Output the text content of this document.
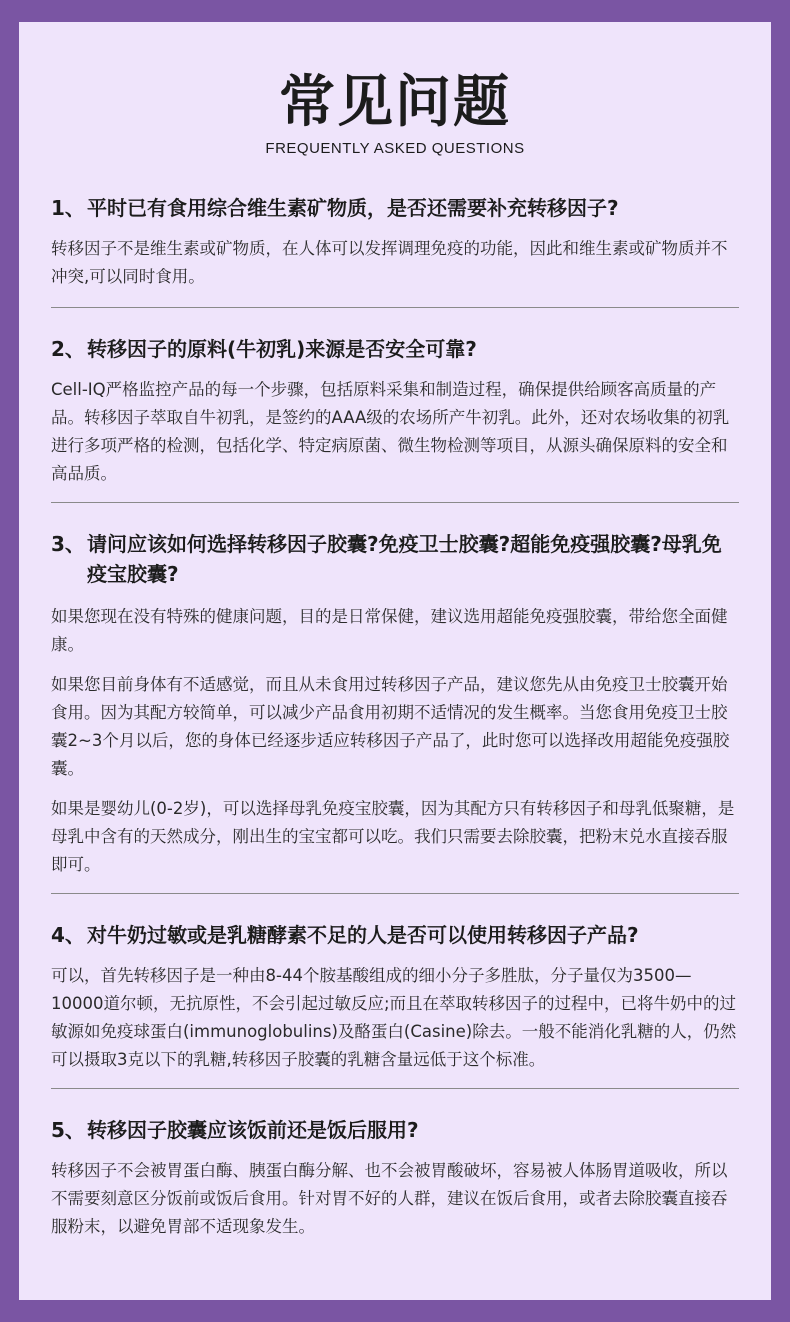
常见问题
FREQUENTLY ASKED QUESTIONS
1、 平时已有食用综合维生素矿物质，是否还需要补充转移因子?

转移因子不是维生素或矿物质，在人体可以发挥调理免疫的功能，因此和维生素或矿物质并不冲突,可以同时食用。

2、 转移因子的原料(牛初乳)来源是否安全可靠?

Cell-IQ严格监控产品的每一个步骤，包括原料采集和制造过程，确保提供给顾客高质量的产品。转移因子萃取自牛初乳，是签约的AAA级的农场所产牛初乳。此外，还对农场收集的初乳进行多项严格的检测，包括化学、特定病原菌、微生物检测等项目，从源头确保原料的安全和高品质。

3、 请问应该如何选择转移因子胶囊?免疫卫士胶囊?超能免疫强胶囊?母乳免疫宝胶囊?

如果您现在没有特殊的健康问题，目的是日常保健，建议选用超能免疫强胶囊，带给您全面健康。

如果您目前身体有不适感觉，而且从未食用过转移因子产品，建议您先从由免疫卫士胶囊开始食用。因为其配方较简单，可以减少产品食用初期不适情况的发生概率。当您食用免疫卫士胶囊2~3个月以后，您的身体已经逐步适应转移因子产品了，此时您可以选择改用超能免疫强胶囊。

如果是婴幼儿(0-2岁)，可以选择母乳免疫宝胶囊，因为其配方只有转移因子和母乳低聚糖，是母乳中含有的天然成分，刚出生的宝宝都可以吃。我们只需要去除胶囊，把粉末兑水直接吞服即可。

4、 对牛奶过敏或是乳糖酵素不足的人是否可以使用转移因子产品?

可以，首先转移因子是一种由8-44个胺基酸组成的细小分子多胜肽，分子量仅为3500—10000道尔顿，无抗原性，不会引起过敏反应;而且在萃取转移因子的过程中，已将牛奶中的过敏源如免疫球蛋白(immunoglobulins)及酪蛋白(Casine)除去。一般不能消化乳糖的人，仍然可以摄取3克以下的乳糖,转移因子胶囊的乳糖含量远低于这个标准。

5、 转移因子胶囊应该饭前还是饭后服用?

转移因子不会被胃蛋白酶、胰蛋白酶分解、也不会被胃酸破坏，容易被人体肠胃道吸收，所以不需要刻意区分饭前或饭后食用。针对胃不好的人群，建议在饭后食用，或者去除胶囊直接吞服粉末，以避免胃部不适现象发生。
